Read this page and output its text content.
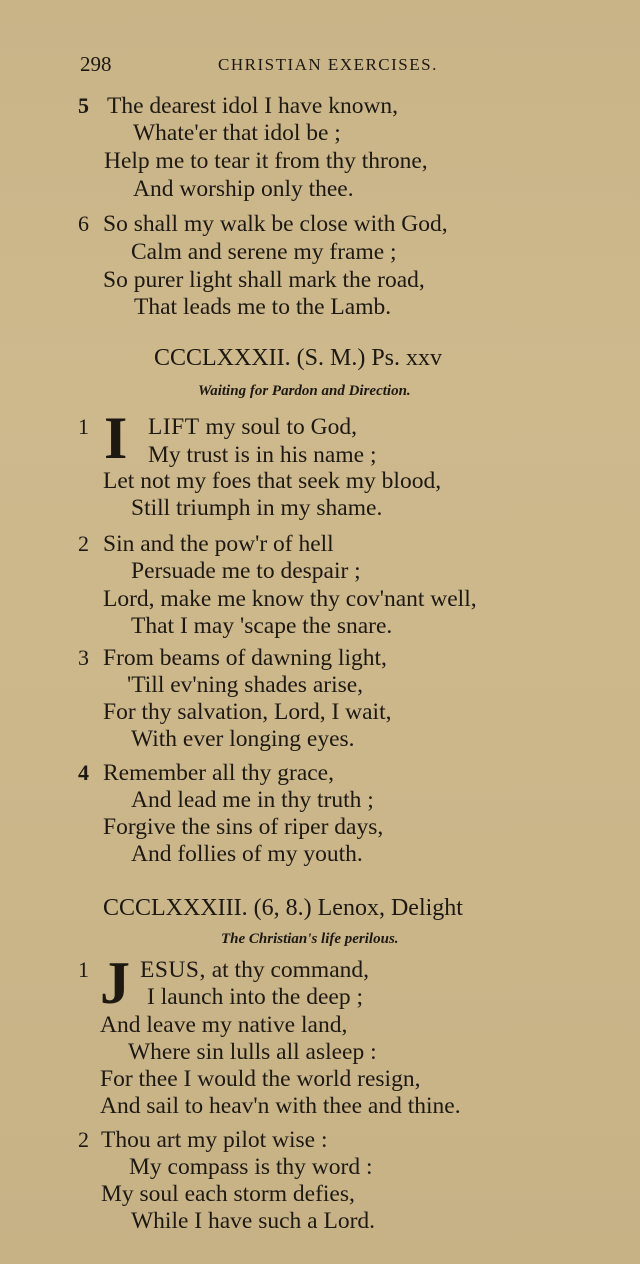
298	CHRISTIAN EXERCISES.
5 The dearest idol I have known,
Whate'er that idol be ;
Help me to tear it from thy throne,
And worship only thee.
6 So shall my walk be close with God,
Calm and serene my frame ;
So purer light shall mark the road,
That leads me to the Lamb.
CCCLXXXII. (S. M.) Ps. xxv
Waiting for Pardon and Direction.
1 I LIFT my soul to God,
My trust is in his name ;
Let not my foes that seek my blood,
Still triumph in my shame.
2 Sin and the pow'r of hell
Persuade me to despair ;
Lord, make me know thy cov'nant well,
That I may 'scape the snare.
3 From beams of dawning light,
'Till ev'ning shades arise,
For thy salvation, Lord, I wait,
With ever longing eyes.
4 Remember all thy grace,
And lead me in thy truth ;
Forgive the sins of riper days,
And follies of my youth.
CCCLXXXIII. (6, 8.) Lenox, Delight
The Christian's life perilous.
1 J ESUS, at thy command,
I launch into the deep ;
And leave my native land,
Where sin lulls all asleep :
For thee I would the world resign,
And sail to heav'n with thee and thine.
2 Thou art my pilot wise :
My compass is thy word :
My soul each storm defies,
While I have such a Lord.
